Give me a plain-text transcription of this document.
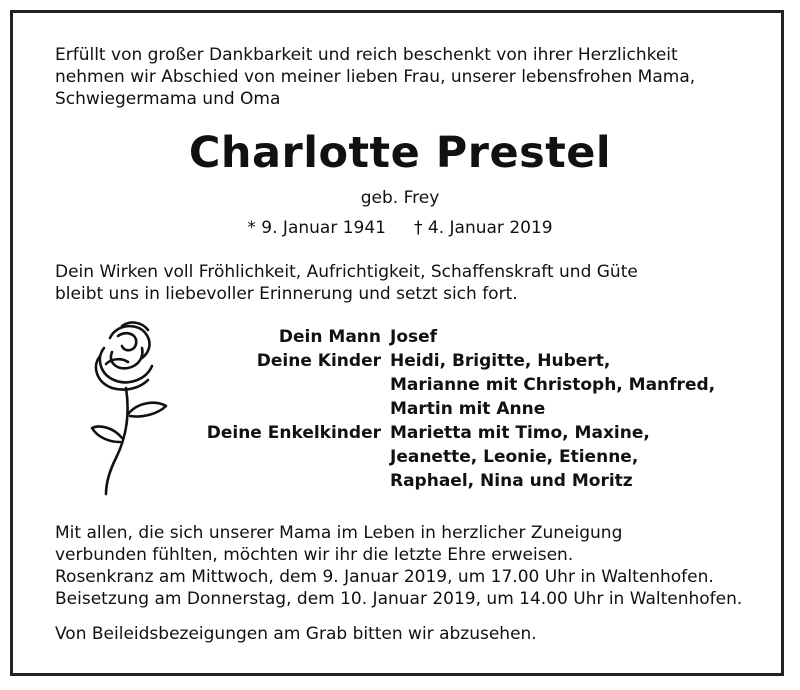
Erfüllt von großer Dankbarkeit und reich beschenkt von ihrer Herzlichkeit
nehmen wir Abschied von meiner lieben Frau, unserer lebensfrohen Mama,
Schwiegermama und Oma
Charlotte Prestel
geb. Frey
* 9. Januar 1941 † 4. Januar 2019
Dein Wirken voll Fröhlichkeit, Aufrichtigkeit, Schaffenskraft und Güte
bleibt uns in liebevoller Erinnerung und setzt sich fort.
Dein Mann Josef
Deine Kinder Heidi, Brigitte, Hubert,
Marianne mit Christoph, Manfred,
Martin mit Anne
Deine Enkelkinder Marietta mit Timo, Maxine,
Jeanette, Leonie, Etienne,
Raphael, Nina und Moritz
Mit allen, die sich unserer Mama im Leben in herzlicher Zuneigung
verbunden fühlten, möchten wir ihr die letzte Ehre erweisen.
Rosenkranz am Mittwoch, dem 9. Januar 2019, um 17.00 Uhr in Waltenhofen.
Beisetzung am Donnerstag, dem 10. Januar 2019, um 14.00 Uhr in Waltenhofen.
Von Beileidsbezeigungen am Grab bitten wir abzusehen.
